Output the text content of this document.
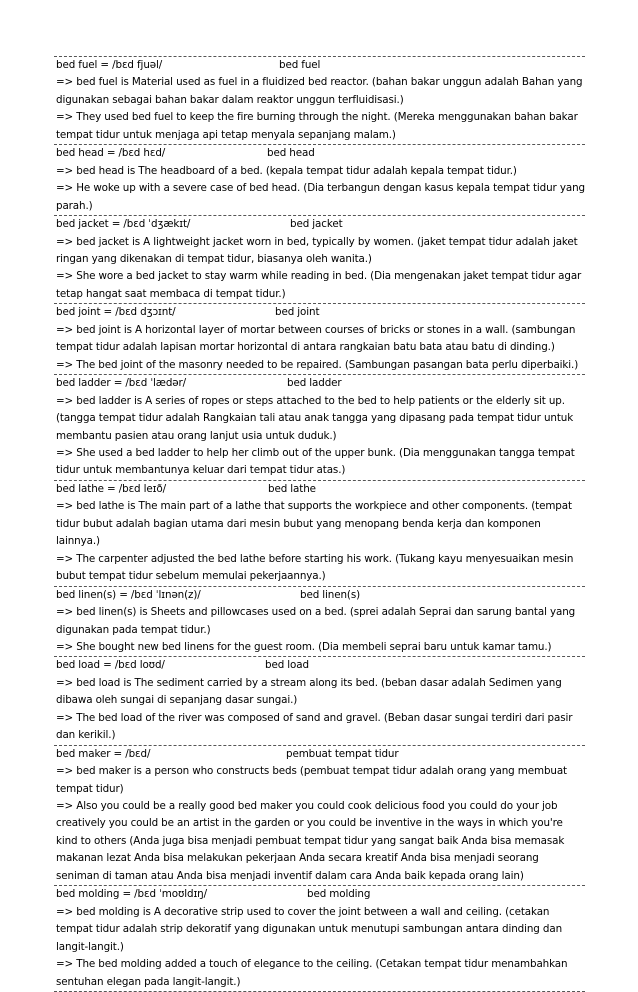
bed fuel = /bɛd fjuəl/	bed fuel
=> bed fuel is Material used as fuel in a fluidized bed reactor. (bahan bakar unggun adalah Bahan yang digunakan sebagai bahan bakar dalam reaktor unggun terfluidisasi.)
=> They used bed fuel to keep the fire burning through the night. (Mereka menggunakan bahan bakar tempat tidur untuk menjaga api tetap menyala sepanjang malam.)
bed head = /bɛd hɛd/	bed head
=> bed head is The headboard of a bed. (kepala tempat tidur adalah kepala tempat tidur.)
=> He woke up with a severe case of bed head. (Dia terbangun dengan kasus kepala tempat tidur yang parah.)
bed jacket = /bɛd ˈdʒækɪt/	bed jacket
=> bed jacket is A lightweight jacket worn in bed, typically by women. (jaket tempat tidur adalah jaket ringan yang dikenakan di tempat tidur, biasanya oleh wanita.)
=> She wore a bed jacket to stay warm while reading in bed. (Dia mengenakan jaket tempat tidur agar tetap hangat saat membaca di tempat tidur.)
bed joint = /bɛd dʒɔɪnt/	bed joint
=> bed joint is A horizontal layer of mortar between courses of bricks or stones in a wall. (sambungan tempat tidur adalah lapisan mortar horizontal di antara rangkaian batu bata atau batu di dinding.)
=> The bed joint of the masonry needed to be repaired. (Sambungan pasangan bata perlu diperbaiki.)
bed ladder = /bɛd ˈlædər/	bed ladder
=> bed ladder is A series of ropes or steps attached to the bed to help patients or the elderly sit up. (tangga tempat tidur adalah Rangkaian tali atau anak tangga yang dipasang pada tempat tidur untuk membantu pasien atau orang lanjut usia untuk duduk.)
=> She used a bed ladder to help her climb out of the upper bunk. (Dia menggunakan tangga tempat tidur untuk membantunya keluar dari tempat tidur atas.)
bed lathe = /bɛd leɪð/	bed lathe
=> bed lathe is The main part of a lathe that supports the workpiece and other components. (tempat tidur bubut adalah bagian utama dari mesin bubut yang menopang benda kerja dan komponen lainnya.)
=> The carpenter adjusted the bed lathe before starting his work. (Tukang kayu menyesuaikan mesin bubut tempat tidur sebelum memulai pekerjaannya.)
bed linen(s) = /bɛd ˈlɪnən(z)/	bed linen(s)
=> bed linen(s) is Sheets and pillowcases used on a bed. (sprei adalah Seprai dan sarung bantal yang digunakan pada tempat tidur.)
=> She bought new bed linens for the guest room. (Dia membeli seprai baru untuk kamar tamu.)
bed load = /bɛd loʊd/	bed load
=> bed load is The sediment carried by a stream along its bed. (beban dasar adalah Sedimen yang dibawa oleh sungai di sepanjang dasar sungai.)
=> The bed load of the river was composed of sand and gravel. (Beban dasar sungai terdiri dari pasir dan kerikil.)
bed maker = /bɛd/	pembuat tempat tidur
=> bed maker is a person who constructs beds (pembuat tempat tidur adalah orang yang membuat tempat tidur)
=> Also you could be a really good bed maker you could cook delicious food you could do your job creatively you could be an artist in the garden or you could be inventive in the ways in which you're kind to others (Anda juga bisa menjadi pembuat tempat tidur yang sangat baik Anda bisa memasak makanan lezat Anda bisa melakukan pekerjaan Anda secara kreatif Anda bisa menjadi seorang seniman di taman atau Anda bisa menjadi inventif dalam cara Anda baik kepada orang lain)
bed molding = /bɛd ˈmoʊldɪŋ/	bed molding
=> bed molding is A decorative strip used to cover the joint between a wall and ceiling. (cetakan tempat tidur adalah strip dekoratif yang digunakan untuk menutupi sambungan antara dinding dan langit-langit.)
=> The bed molding added a touch of elegance to the ceiling. (Cetakan tempat tidur menambahkan sentuhan elegan pada langit-langit.)
